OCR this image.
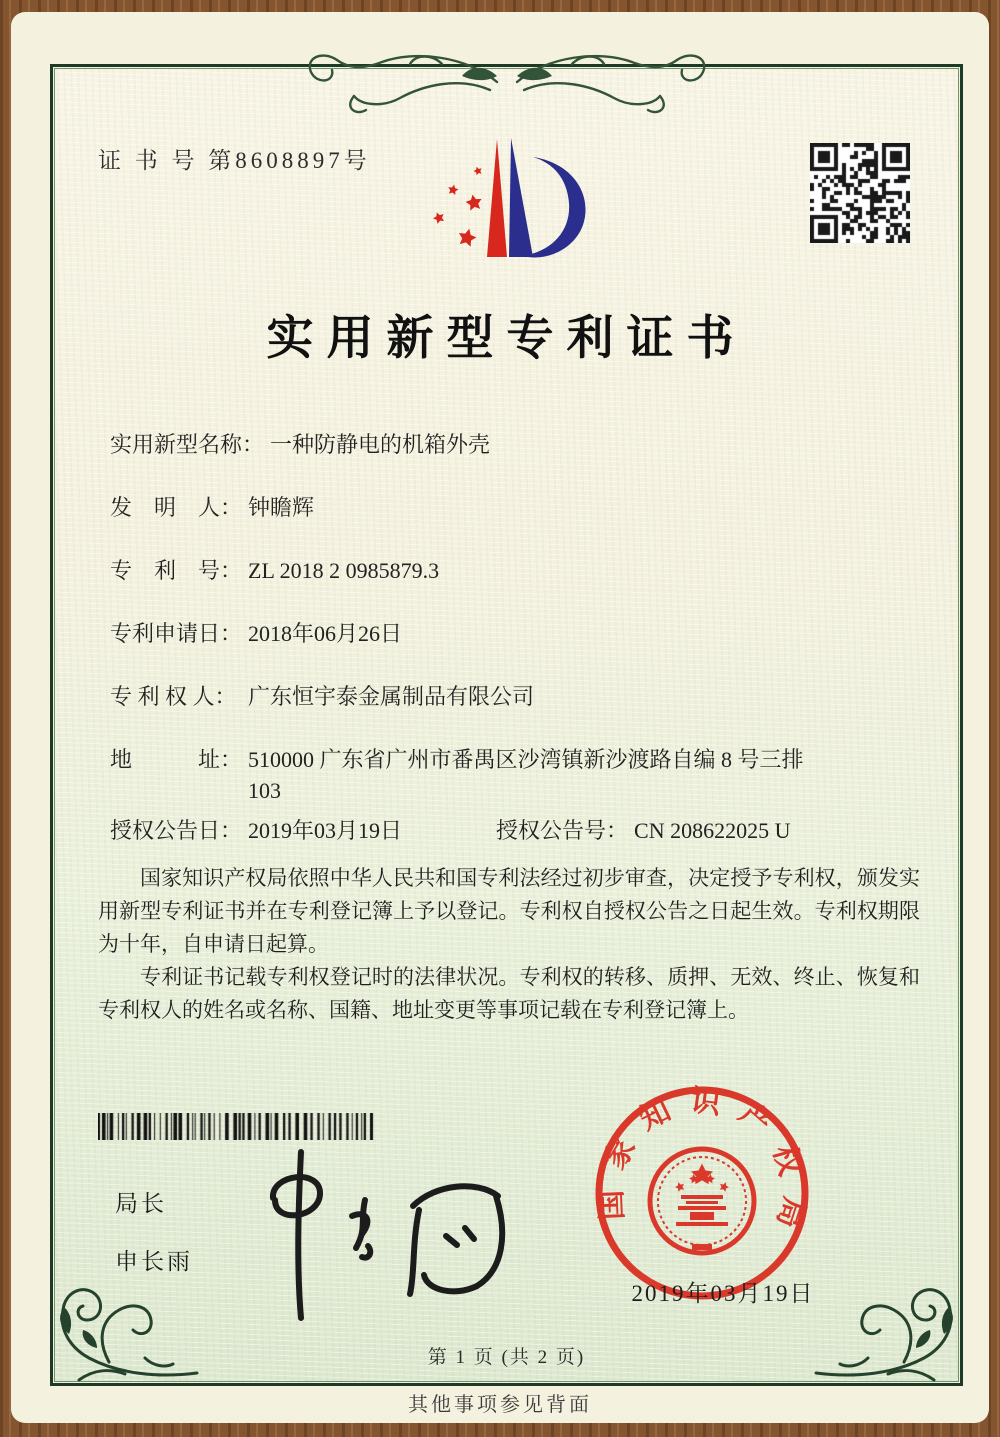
证 书 号 第8608897号
实用新型专利证书
实用新型名称： 一种防静电的机箱外壳
发　明　人： 钟瞻辉
专　利　号： ZL 2018 2 0985879.3
专利申请日： 2018年06月26日
专 利 权 人： 广东恒宇泰金属制品有限公司
地　　　址： 510000 广东省广州市番禺区沙湾镇新沙渡路自编 8 号三排
103
授权公告日： 2019年03月19日	授权公告号： CN 208622025 U

国家知识产权局依照中华人民共和国专利法经过初步审查，决定授予专利权，颁发实用新型专利证书并在专利登记簿上予以登记。专利权自授权公告之日起生效。专利权期限为十年，自申请日起算。

专利证书记载专利权登记时的法律状况。专利权的转移、质押、无效、终止、恢复和专利权人的姓名或名称、国籍、地址变更等事项记载在专利登记簿上。

局长
申长雨
国家知识产权局
2019年03月19日
第 1 页 (共 2 页)
其他事项参见背面
